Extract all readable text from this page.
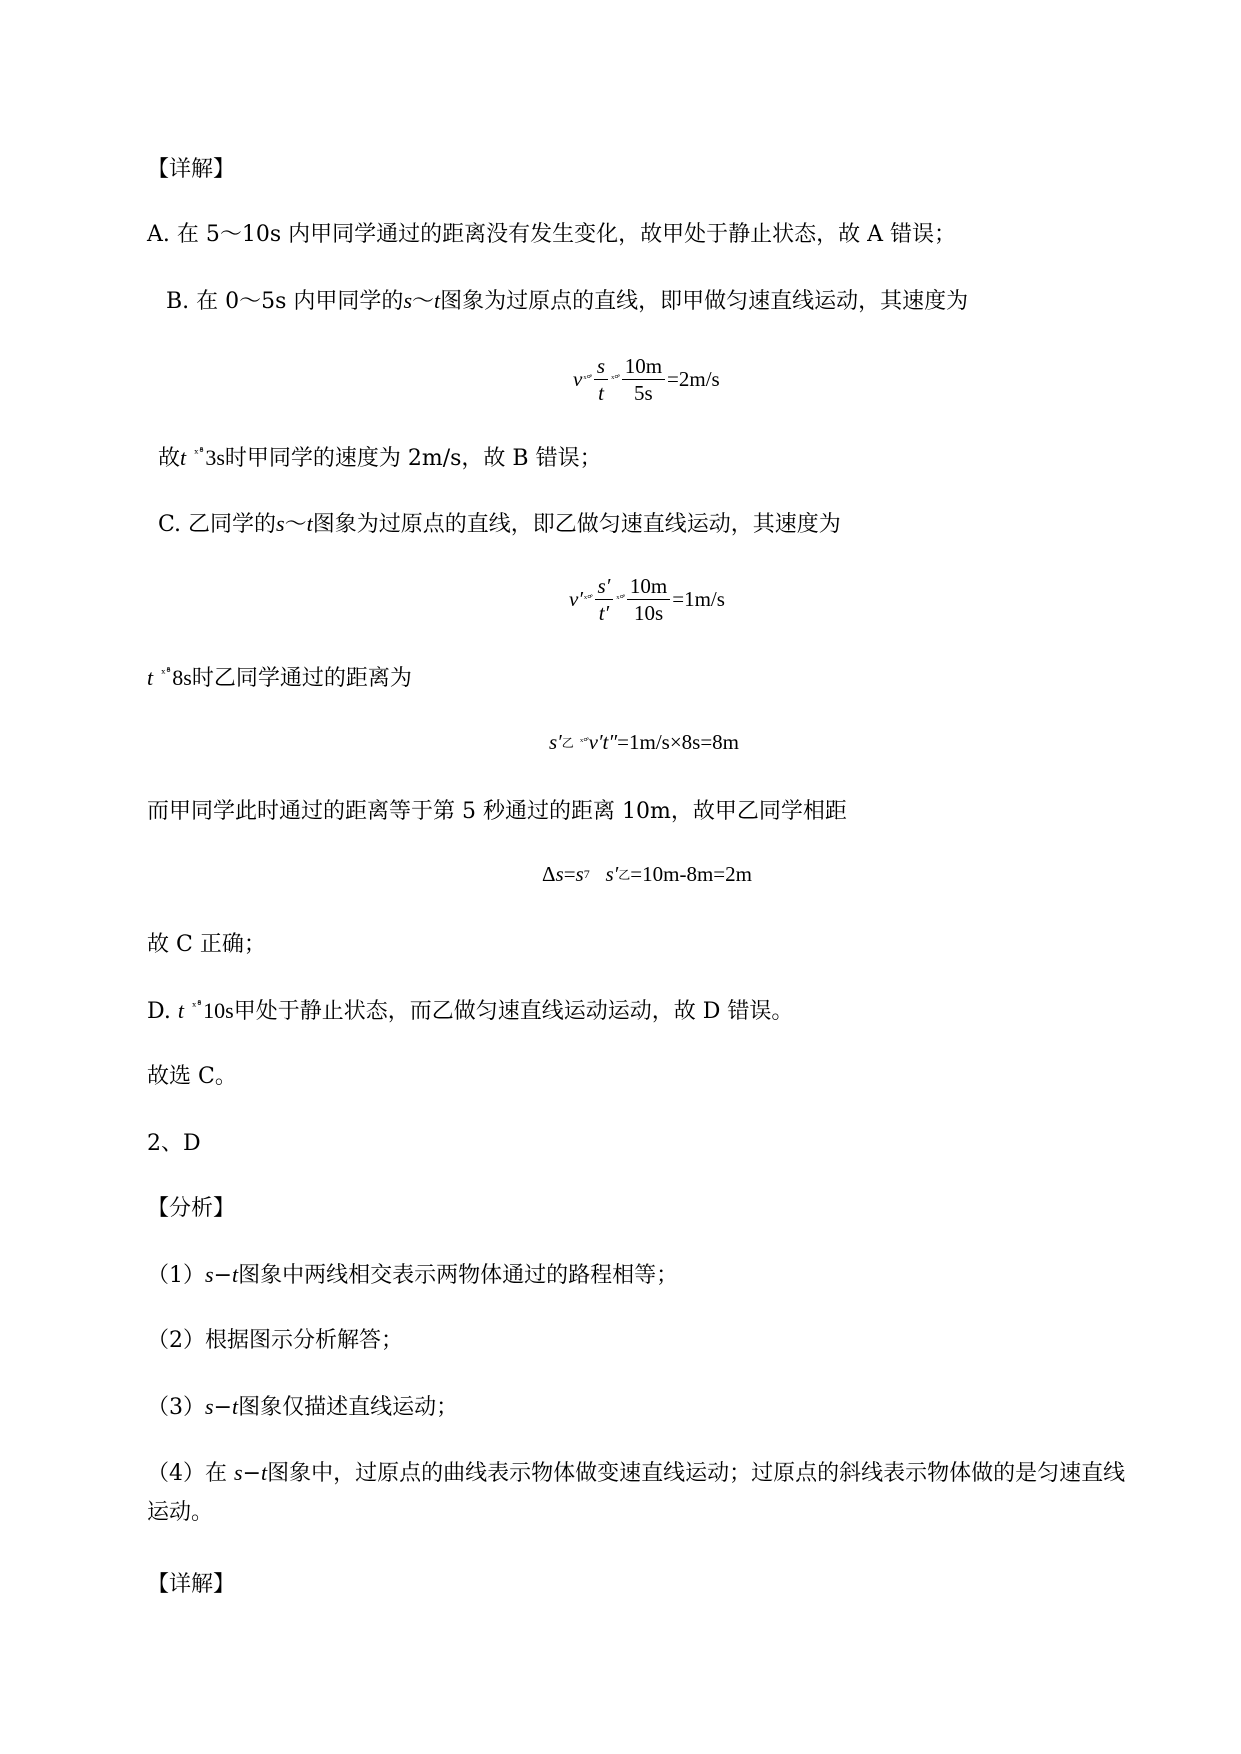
【详解】
A. 在 5～10s 内甲同学通过的距离没有发生变化，故甲处于静止状态，故 A 错误；
B. 在 0～5s 内甲同学的s～t图象为过原点的直线，即甲做匀速直线运动，其速度为
v ˣ°̊ $\frac{s}{t}$ ˣ°̊ $\frac{10m}{5s} =2m/s$
故t ˣ°̊3s时甲同学的速度为 2m/s，故 B 错误；
C. 乙同学的s～t图象为过原点的直线，即乙做匀速直线运动，其速度为
v′ ˣ°̊ $\frac{s'}{t'}$ ˣ°̊ $\frac{10m}{10s} =1m/s$
t ˣ°̊8s时乙同学通过的距离为
s′ 乙
ˣ°̊ v′t″ =1m/s×8s=8m
而甲同学此时通过的距离等于第 5 秒通过的距离 10m，故甲乙同学相距
Δ s = s 7
s′ 乙 =10m-8m=2m
故 C 正确；
D. t ˣ°̊10s甲处于静止状态，而乙做匀速直线运动运动，故 D 错误。
故选 C。
2、D
【分析】
（1）s−t图象中两线相交表示两物体通过的路程相等；
（2）根据图示分析解答；
（3）s−t图象仅描述直线运动；
（4）在 s−t图象中，过原点的曲线表示物体做变速直线运动；过原点的斜线表示物体做的是匀速直线
运动。
【详解】
